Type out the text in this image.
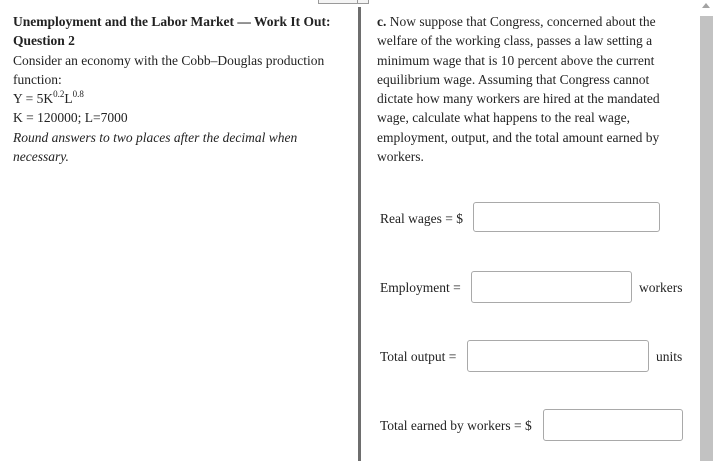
Unemployment and the Labor Market — Work It Out:
Question 2
Consider an economy with the Cobb–Douglas production
function:
$Y = 5K^{0.2}L^{0.8}$
K = 120000; L=7000
Round answers to two places after the decimal when
necessary.
c. Now suppose that Congress, concerned about the
welfare of the working class, passes a law setting a
minimum wage that is 10 percent above the current
equilibrium wage. Assuming that Congress cannot
dictate how many workers are hired at the mandated
wage, calculate what happens to the real wage,
employment, output, and the total amount earned by
workers.
Real wages = $
Employment =	workers
Total output =	units
Total earned by workers = $
